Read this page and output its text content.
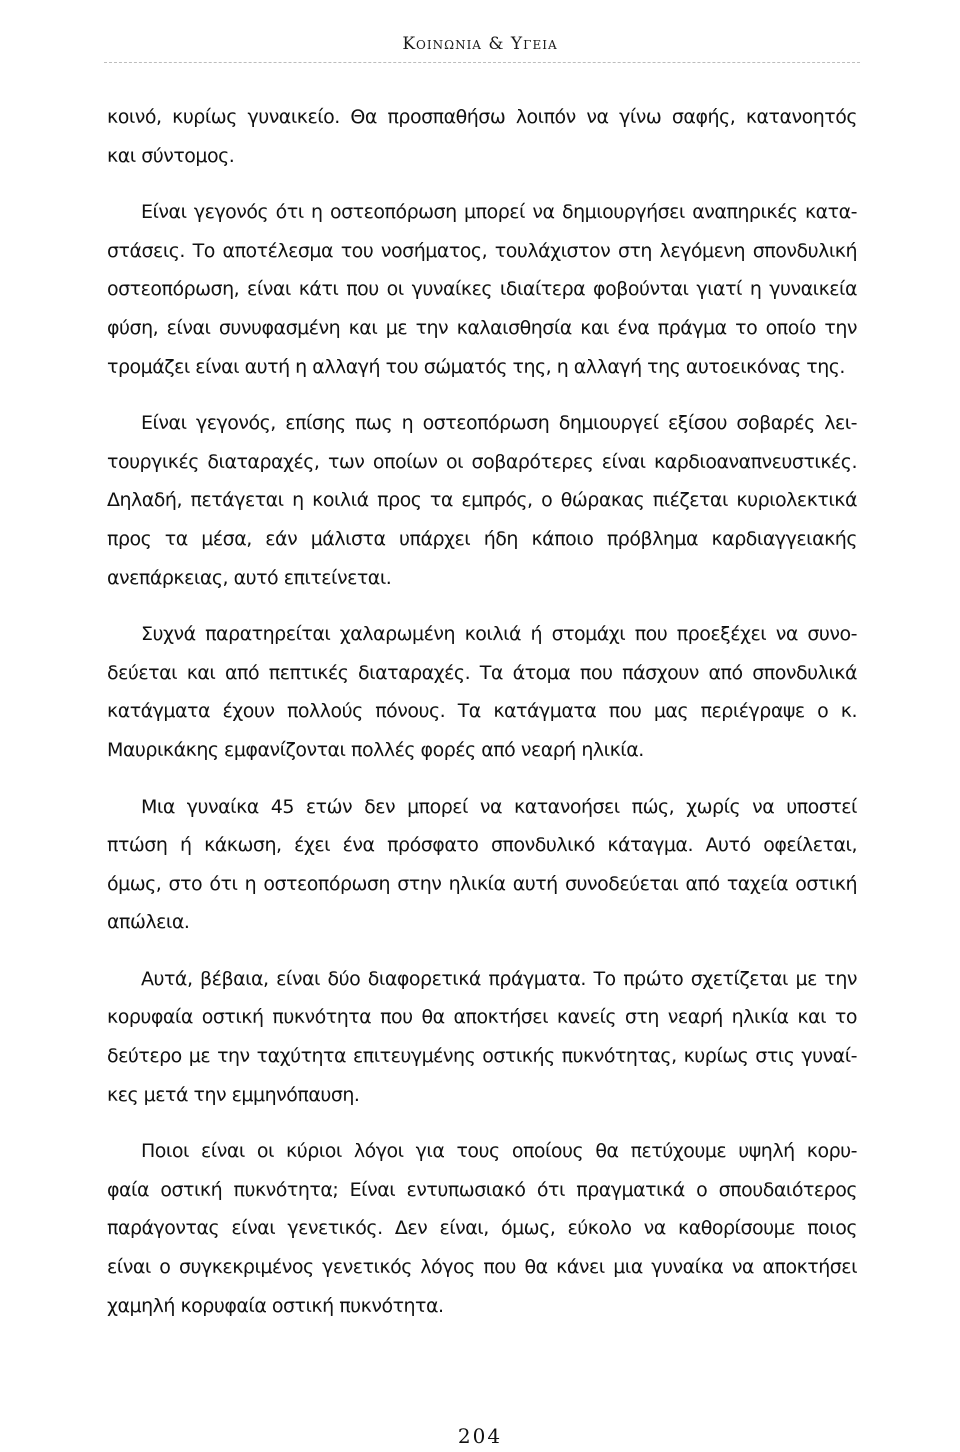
Κοινωνια & Υγεια

κοινό, κυρίως γυναικείο. Θα προσπαθήσω λοιπόν να γίνω σαφής, κατανοητός
και σύντομος.

Είναι γεγονός ότι η οστεοπόρωση μπορεί να δημιουργήσει αναπηρικές κατα-
στάσεις. Το αποτέλεσμα του νοσήματος, τουλάχιστον στη λεγόμενη σπονδυλική
οστεοπόρωση, είναι κάτι που οι γυναίκες ιδιαίτερα φοβούνται γιατί η γυναικεία
φύση, είναι συνυφασμένη και με την καλαισθησία και ένα πράγμα το οποίο την
τρομάζει είναι αυτή η αλλαγή του σώματός της, η αλλαγή της αυτοεικόνας της.

Είναι γεγονός, επίσης πως η οστεοπόρωση δημιουργεί εξίσου σοβαρές λει-
τουργικές διαταραχές, των οποίων οι σοβαρότερες είναι καρδιοαναπνευστικές.
Δηλαδή, πετάγεται η κοιλιά προς τα εμπρός, ο θώρακας πιέζεται κυριολεκτικά
προς τα μέσα, εάν μάλιστα υπάρχει ήδη κάποιο πρόβλημα καρδιαγγειακής
ανεπάρκειας, αυτό επιτείνεται.

Συχνά παρατηρείται χαλαρωμένη κοιλιά ή στομάχι που προεξέχει να συνο-
δεύεται και από πεπτικές διαταραχές. Τα άτομα που πάσχουν από σπονδυλικά
κατάγματα έχουν πολλούς πόνους. Τα κατάγματα που μας περιέγραψε ο κ.
Μαυρικάκης εμφανίζονται πολλές φορές από νεαρή ηλικία.

Μια γυναίκα 45 ετών δεν μπορεί να κατανοήσει πώς, χωρίς να υποστεί
πτώση ή κάκωση, έχει ένα πρόσφατο σπονδυλικό κάταγμα. Αυτό οφείλεται,
όμως, στο ότι η οστεοπόρωση στην ηλικία αυτή συνοδεύεται από ταχεία οστική
απώλεια.

Αυτά, βέβαια, είναι δύο διαφορετικά πράγματα. Το πρώτο σχετίζεται με την
κορυφαία οστική πυκνότητα που θα αποκτήσει κανείς στη νεαρή ηλικία και το
δεύτερο με την ταχύτητα επιτευγμένης οστικής πυκνότητας, κυρίως στις γυναί-
κες μετά την εμμηνόπαυση.

Ποιοι είναι οι κύριοι λόγοι για τους οποίους θα πετύχουμε υψηλή κορυ-
φαία οστική πυκνότητα; Είναι εντυπωσιακό ότι πραγματικά ο σπουδαιότερος
παράγοντας είναι γενετικός. Δεν είναι, όμως, εύκολο να καθορίσουμε ποιος
είναι ο συγκεκριμένος γενετικός λόγος που θα κάνει μια γυναίκα να αποκτήσει
χαμηλή κορυφαία οστική πυκνότητα.

204
